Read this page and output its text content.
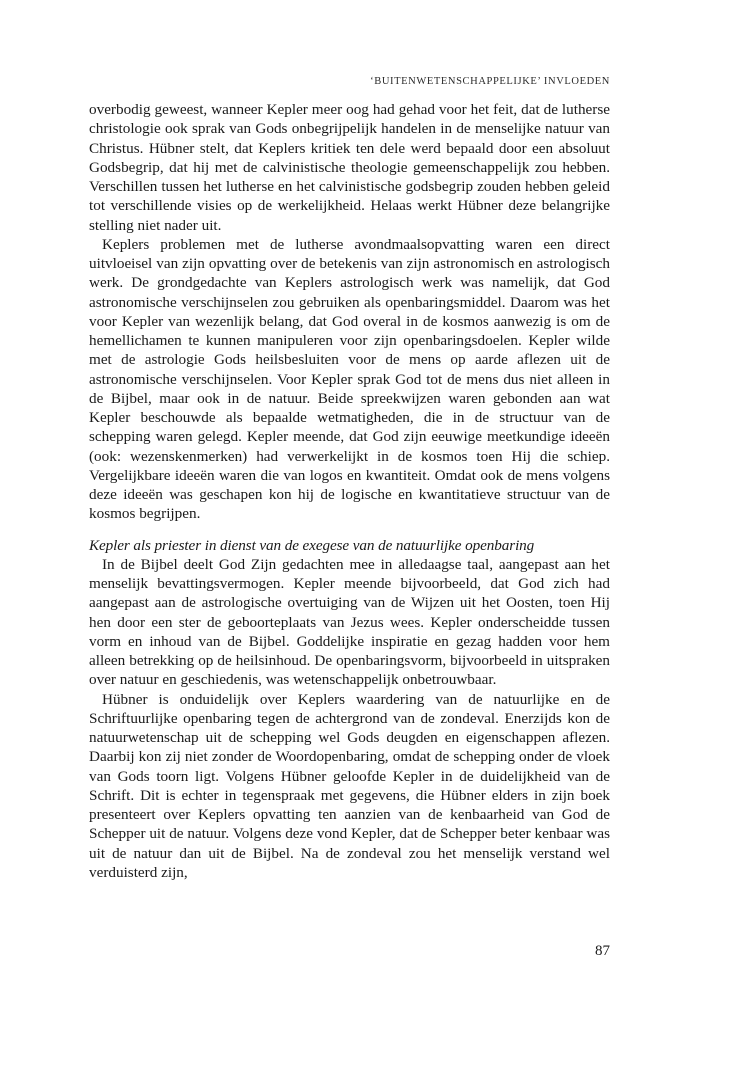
‘BUITENWETENSCHAPPELIJKE’ INVLOEDEN

overbodig geweest, wanneer Kepler meer oog had gehad voor het feit, dat de lutherse christologie ook sprak van Gods onbegrijpelijk handelen in de menselijke natuur van Christus. Hübner stelt, dat Keplers kritiek ten dele werd bepaald door een absoluut Godsbegrip, dat hij met de calvinistische theologie gemeenschappelijk zou hebben. Verschillen tussen het lutherse en het calvinistische godsbegrip zouden hebben geleid tot verschillende visies op de werkelijkheid. Helaas werkt Hübner deze belangrijke stelling niet nader uit.

Keplers problemen met de lutherse avondmaalsopvatting waren een direct uitvloeisel van zijn opvatting over de betekenis van zijn astronomisch en astrologisch werk. De grondgedachte van Keplers astrologisch werk was namelijk, dat God astronomische verschijnselen zou gebruiken als openbaringsmiddel. Daarom was het voor Kepler van wezenlijk belang, dat God overal in de kosmos aanwezig is om de hemellichamen te kunnen manipuleren voor zijn openbaringsdoelen. Kepler wilde met de astrologie Gods heilsbesluiten voor de mens op aarde aflezen uit de astronomische verschijnselen. Voor Kepler sprak God tot de mens dus niet alleen in de Bijbel, maar ook in de natuur. Beide spreekwijzen waren gebonden aan wat Kepler beschouwde als bepaalde wetmatigheden, die in de structuur van de schepping waren gelegd. Kepler meende, dat God zijn eeuwige meetkundige ideeën (ook: wezenskenmerken) had verwerkelijkt in de kosmos toen Hij die schiep. Vergelijkbare ideeën waren die van logos en kwantiteit. Omdat ook de mens volgens deze ideeën was geschapen kon hij de logische en kwantitatieve structuur van de kosmos begrijpen.

Kepler als priester in dienst van de exegese van de natuurlijke openbaring

In de Bijbel deelt God Zijn gedachten mee in alledaagse taal, aangepast aan het menselijk bevattingsvermogen. Kepler meende bijvoorbeeld, dat God zich had aangepast aan de astrologische overtuiging van de Wijzen uit het Oosten, toen Hij hen door een ster de geboorteplaats van Jezus wees. Kepler onderscheidde tussen vorm en inhoud van de Bijbel. Goddelijke inspiratie en gezag hadden voor hem alleen betrekking op de heilsinhoud. De openbaringsvorm, bijvoorbeeld in uitspraken over natuur en geschiedenis, was wetenschappelijk onbetrouwbaar.

Hübner is onduidelijk over Keplers waardering van de natuurlijke en de Schriftuurlijke openbaring tegen de achtergrond van de zondeval. Enerzijds kon de natuurwetenschap uit de schepping wel Gods deugden en eigenschappen aflezen. Daarbij kon zij niet zonder de Woordopenbaring, omdat de schepping onder de vloek van Gods toorn ligt. Volgens Hübner geloofde Kepler in de duidelijkheid van de Schrift. Dit is echter in tegenspraak met gegevens, die Hübner elders in zijn boek presenteert over Keplers opvatting ten aanzien van de kenbaarheid van God de Schepper uit de natuur. Volgens deze vond Kepler, dat de Schepper beter kenbaar was uit de natuur dan uit de Bijbel. Na de zondeval zou het menselijk verstand wel verduisterd zijn,

87
